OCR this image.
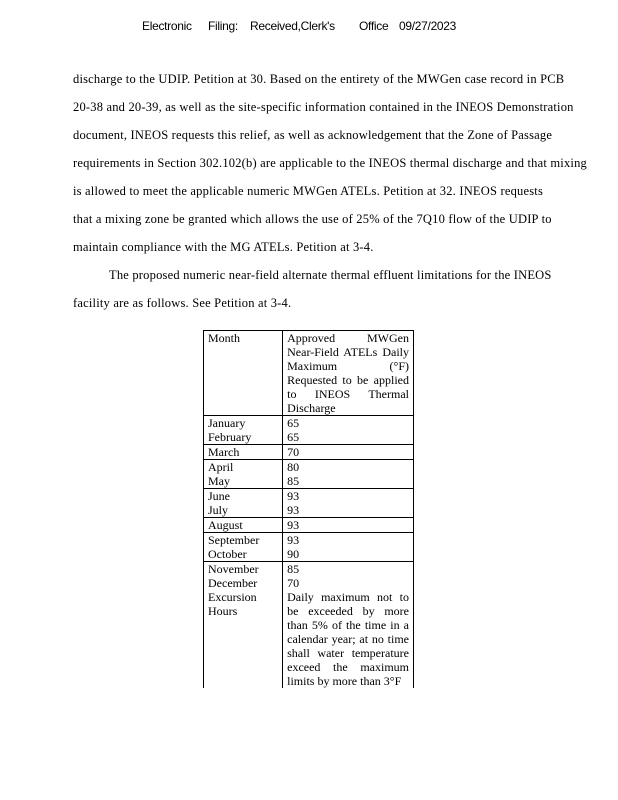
Electronic Filing: Received,Clerk's Office 09/27/2023
discharge to the UDIP. Petition at 30. Based on the entirety of the MWGen case record in PCB
20-38 and 20-39, as well as the site-specific information contained in the INEOS Demonstration
document, INEOS requests this relief, as well as acknowledgement that the Zone of Passage
requirements in Section 302.102(b) are applicable to the INEOS thermal discharge and that mixing
is allowed to meet the applicable numeric MWGen ATELs. Petition at 32. INEOS requests
that a mixing zone be granted which allows the use of 25% of the 7Q10 flow of the UDIP to
maintain compliance with the MG ATELs. Petition at 3-4.
The proposed numeric near-field alternate thermal effluent limitations for the INEOS
facility are as follows. See Petition at 3-4.
Month	Approved MWGen Near-Field ATELs Daily Maximum (°F) Requested to be applied to INEOS Thermal Discharge

January	65
February	65
March	70
April	80
May	85
June	93
July	93
August	93
September	93
October	90
November	85
December	70
Excursion Hours	Daily maximum not to be exceeded by more than 5% of the time in a calendar year; at no time shall water temperature exceed the maximum limits by more than 3°F
